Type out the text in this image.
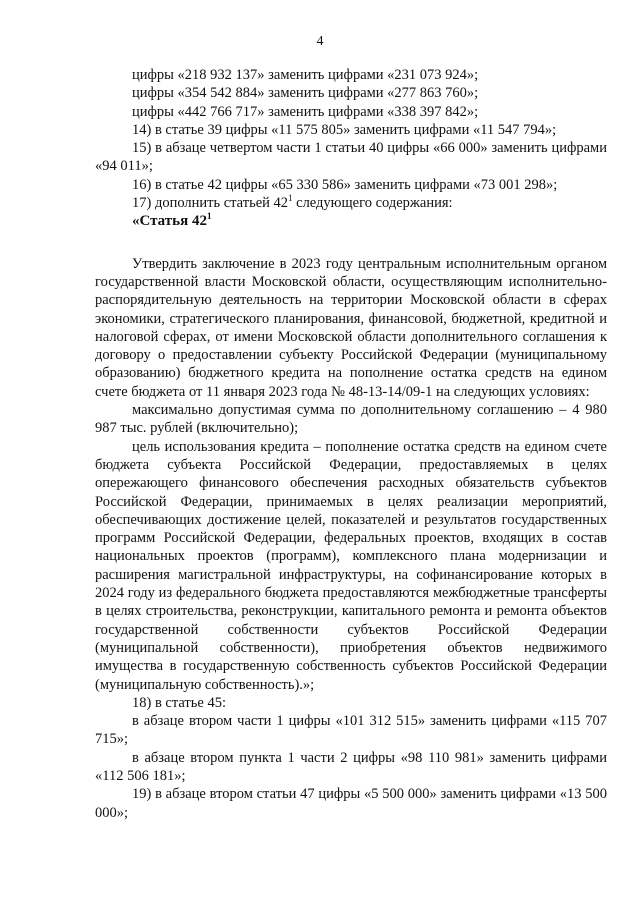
4

цифры «218 932 137» заменить цифрами «231 073 924»;

цифры «354 542 884» заменить цифрами «277 863 760»;

цифры «442 766 717» заменить цифрами «338 397 842»;

14) в статье 39 цифры «11 575 805» заменить цифрами «11 547 794»;

15) в абзаце четвертом части 1 статьи 40 цифры «66 000» заменить цифрами «94 011»;

16) в статье 42 цифры «65 330 586» заменить цифрами «73 001 298»;

17) дополнить статьей $42^1$ следующего содержания:

«Статья $42^1$

Утвердить заключение в 2023 году центральным исполнительным органом государственной власти Московской области, осуществляющим исполнительно-распорядительную деятельность на территории Московской области в сферах экономики, стратегического планирования, финансовой, бюджетной, кредитной и налоговой сферах, от имени Московской области дополнительного соглашения к договору о предоставлении субъекту Российской Федерации (муниципальному образованию) бюджетного кредита на пополнение остатка средств на едином счете бюджета от 11 января 2023 года № 48-13-14/09-1 на следующих условиях:

максимально допустимая сумма по дополнительному соглашению – 4 980 987 тыс. рублей (включительно);

цель использования кредита – пополнение остатка средств на едином счете бюджета субъекта Российской Федерации, предоставляемых в целях опережающего финансового обеспечения расходных обязательств субъектов Российской Федерации, принимаемых в целях реализации мероприятий, обеспечивающих достижение целей, показателей и результатов государственных программ Российской Федерации, федеральных проектов, входящих в состав национальных проектов (программ), комплексного плана модернизации и расширения магистральной инфраструктуры, на софинансирование которых в 2024 году из федерального бюджета предоставляются межбюджетные трансферты в целях строительства, реконструкции, капитального ремонта и ремонта объектов государственной собственности субъектов Российской Федерации (муниципальной собственности), приобретения объектов недвижимого имущества в государственную собственность субъектов Российской Федерации (муниципальную собственность).»;

18) в статье 45:

в абзаце втором части 1 цифры «101 312 515» заменить цифрами «115 707 715»;

в абзаце втором пункта 1 части 2 цифры «98 110 981» заменить цифрами «112 506 181»;

19) в абзаце втором статьи 47 цифры «5 500 000» заменить цифрами «13 500 000»;
